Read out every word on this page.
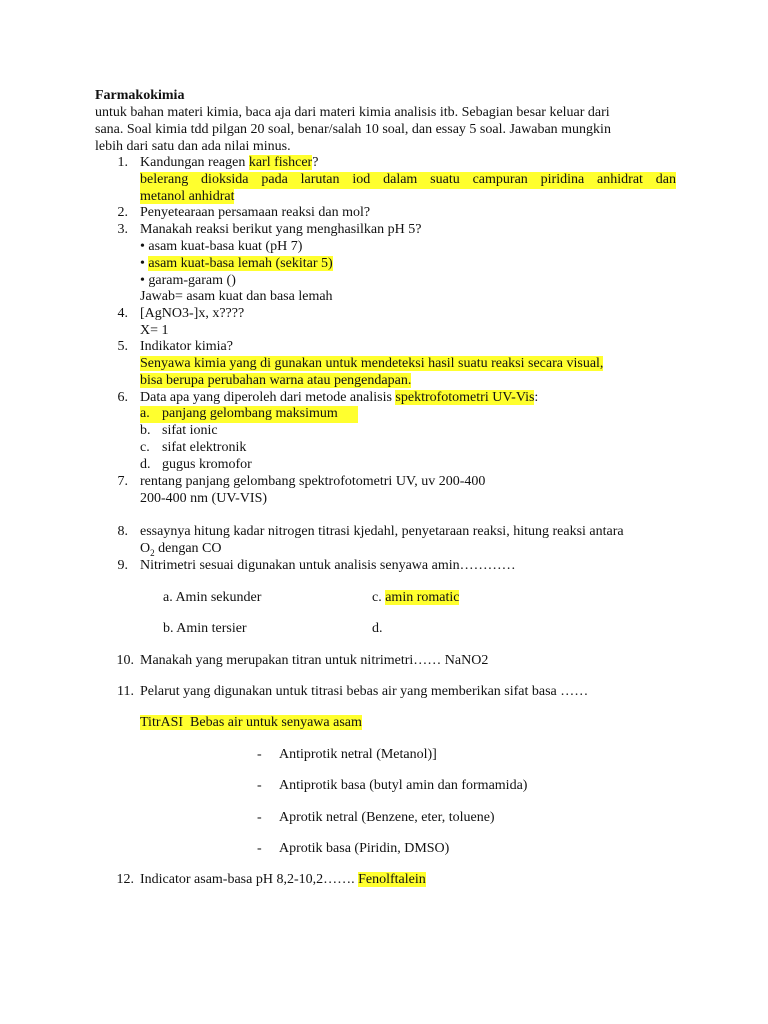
Farmakokimia
untuk bahan materi kimia, baca aja dari materi kimia analisis itb. Sebagian besar keluar dari
sana. Soal kimia tdd pilgan 20 soal, benar/salah 10 soal, dan essay 5 soal. Jawaban mungkin
lebih dari satu dan ada nilai minus.
1. Kandungan reagen karl fishcer?
belerang dioksida pada larutan iod dalam suatu campuran piridina anhidrat dan
metanol anhidrat
2. Penyetearaan persamaan reaksi dan mol?
3. Manakah reaksi berikut yang menghasilkan pH 5?
• asam kuat-basa kuat (pH 7)
• asam kuat-basa lemah (sekitar 5)
• garam-garam ()
Jawab= asam kuat dan basa lemah
4. [AgNO3-]x, x????
X= 1
5. Indikator kimia?
Senyawa kimia yang di gunakan untuk mendeteksi hasil suatu reaksi secara visual,
bisa berupa perubahan warna atau pengendapan.
6. Data apa yang diperoleh dari metode analisis spektrofotometri UV-Vis:
a. panjang gelombang maksimum
b. sifat ionic
c. sifat elektronik
d. gugus kromofor
7. rentang panjang gelombang spektrofotometri UV, uv 200-400
200-400 nm (UV-VIS)
8. essaynya hitung kadar nitrogen titrasi kjedahl, penyetaraan reaksi, hitung reaksi antara
$O_2$ dengan CO
9. Nitrimetri sesuai digunakan untuk analisis senyawa amin…………
a. Amin sekunder	c. amin romatic
b. Amin tersier	d.
10. Manakah yang merupakan titran untuk nitrimetri…… NaNO2
11. Pelarut yang digunakan untuk titrasi bebas air yang memberikan sifat basa ……
TitrASI  Bebas air untuk senyawa asam
- Antiprotik netral (Metanol)]
- Antiprotik basa (butyl amin dan formamida)
- Aprotik netral (Benzene, eter, toluene)
- Aprotik basa (Piridin, DMSO)
12. Indicator asam-basa pH 8,2-10,2……. Fenolftalein
